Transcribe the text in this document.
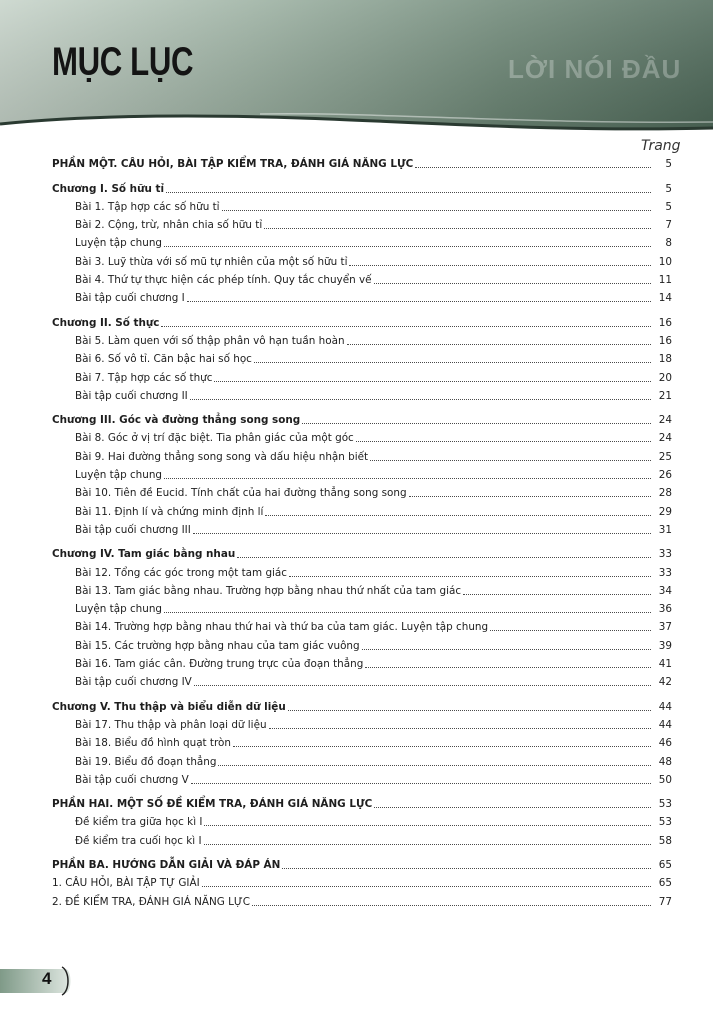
LỜI NÓI ĐẦU
MỤC LỤC
Trang
PHẦN MỘT. CÂU HỎI, BÀI TẬP KIỂM TRA, ĐÁNH GIÁ NĂNG LỰC	5
Chương I. Số hữu tỉ	5
Bài 1. Tập hợp các số hữu tỉ	5
Bài 2. Cộng, trừ, nhân chia số hữu tỉ	7
Luyện tập chung	8
Bài 3. Luỹ thừa với số mũ tự nhiên của một số hữu tỉ	10
Bài 4. Thứ tự thực hiện các phép tính. Quy tắc chuyển vế	11
Bài tập cuối chương I	14
Chương II. Số thực	16
Bài 5. Làm quen với số thập phân vô hạn tuần hoàn	16
Bài 6. Số vô tỉ. Căn bậc hai số học	18
Bài 7. Tập hợp các số thực	20
Bài tập cuối chương II	21
Chương III. Góc và đường thẳng song song	24
Bài 8. Góc ở vị trí đặc biệt. Tia phân giác của một góc	24
Bài 9. Hai đường thẳng song song và dấu hiệu nhận biết	25
Luyện tập chung	26
Bài 10. Tiên đề Eucid. Tính chất của hai đường thẳng song song	28
Bài 11. Định lí và chứng minh định lí	29
Bài tập cuối chương III	31
Chương IV. Tam giác bằng nhau	33
Bài 12. Tổng các góc trong một tam giác	33
Bài 13. Tam giác bằng nhau. Trường hợp bằng nhau thứ nhất của tam giác	34
Luyện tập chung	36
Bài 14. Trường hợp bằng nhau thứ hai và thứ ba của tam giác. Luyện tập chung	37
Bài 15. Các trường hợp bằng nhau của tam giác vuông	39
Bài 16. Tam giác cân. Đường trung trực của đoạn thẳng	41
Bài tập cuối chương IV	42
Chương V. Thu thập và biểu diễn dữ liệu	44
Bài 17. Thu thập và phân loại dữ liệu	44
Bài 18. Biểu đồ hình quạt tròn	46
Bài 19. Biểu đồ đoạn thẳng	48
Bài tập cuối chương V	50
PHẦN HAI. MỘT SỐ ĐỀ KIỂM TRA, ĐÁNH GIÁ NĂNG LỰC	53
Đề kiểm tra giữa học kì I	53
Đề kiểm tra cuối học kì I	58
PHẦN BA. HƯỚNG DẪN GIẢI VÀ ĐÁP ÁN	65
1. CÂU HỎI, BÀI TẬP TỰ GIẢI	65
2. ĐỀ KIỂM TRA, ĐÁNH GIÁ NĂNG LỰC	77
4
